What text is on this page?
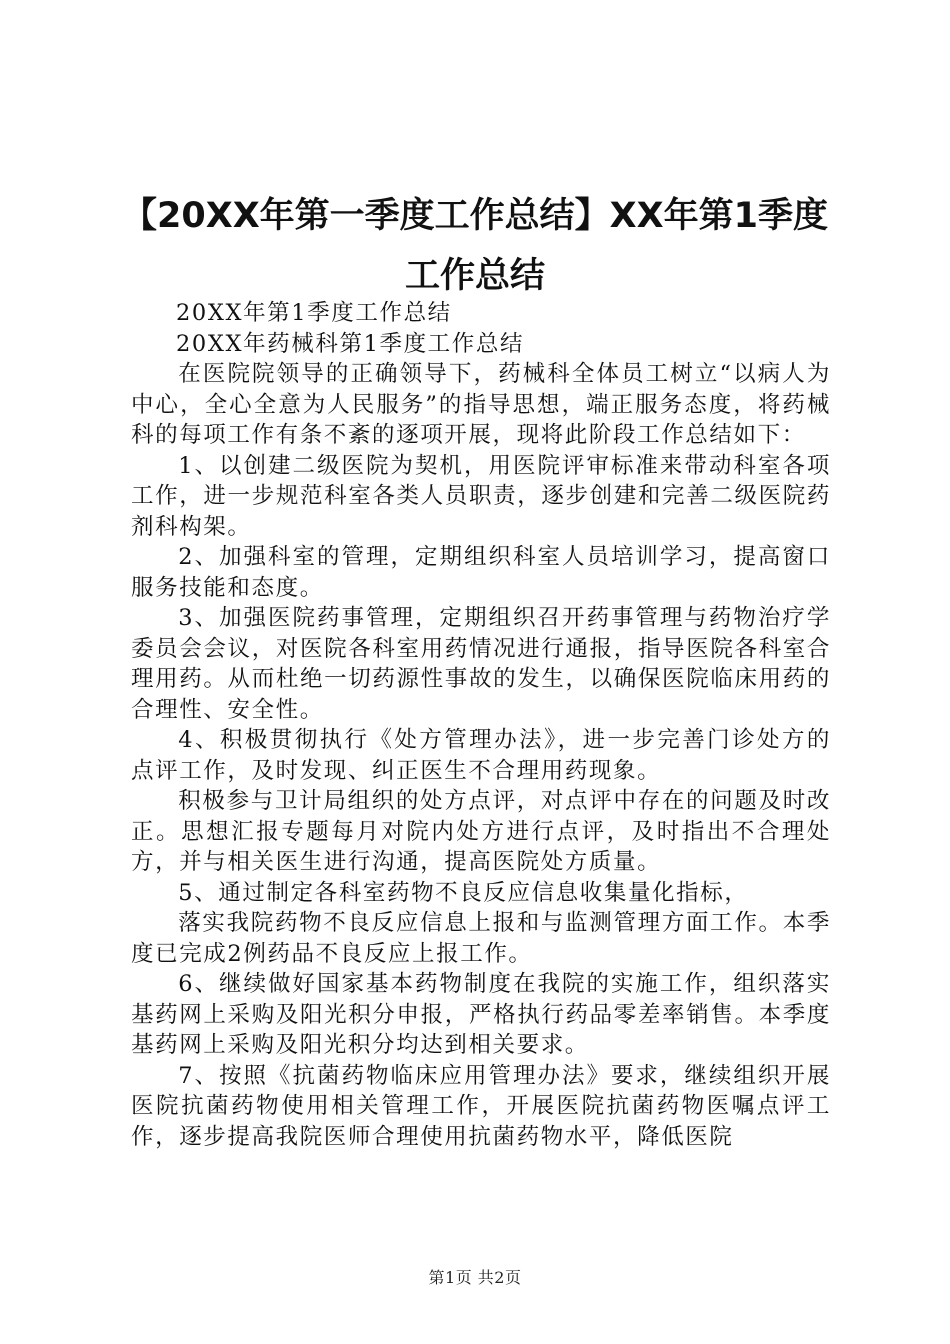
【20XX年第一季度工作总结】XX年第1季度工作总结

20XX年第1季度工作总结

20XX年药械科第1季度工作总结

在医院院领导的正确领导下，药械科全体员工树立“以病人为中心，全心全意为人民服务”的指导思想，端正服务态度，将药械科的每项工作有条不紊的逐项开展，现将此阶段工作总结如下：

1、以创建二级医院为契机，用医院评审标准来带动科室各项工作，进一步规范科室各类人员职责，逐步创建和完善二级医院药剂科构架。

2、加强科室的管理，定期组织科室人员培训学习，提高窗口服务技能和态度。

3、加强医院药事管理，定期组织召开药事管理与药物治疗学委员会会议，对医院各科室用药情况进行通报，指导医院各科室合理用药。从而杜绝一切药源性事故的发生，以确保医院临床用药的合理性、安全性。

4、积极贯彻执行《处方管理办法》，进一步完善门诊处方的点评工作，及时发现、纠正医生不合理用药现象。

积极参与卫计局组织的处方点评，对点评中存在的问题及时改正。思想汇报专题每月对院内处方进行点评，及时指出不合理处方，并与相关医生进行沟通，提高医院处方质量。

5、通过制定各科室药物不良反应信息收集量化指标，

落实我院药物不良反应信息上报和与监测管理方面工作。本季度已完成2例药品不良反应上报工作。

6、继续做好国家基本药物制度在我院的实施工作，组织落实基药网上采购及阳光积分申报，严格执行药品零差率销售。本季度基药网上采购及阳光积分均达到相关要求。

7、按照《抗菌药物临床应用管理办法》要求，继续组织开展医院抗菌药物使用相关管理工作，开展医院抗菌药物医嘱点评工作，逐步提高我院医师合理使用抗菌药物水平，降低医院

第1页 共2页
